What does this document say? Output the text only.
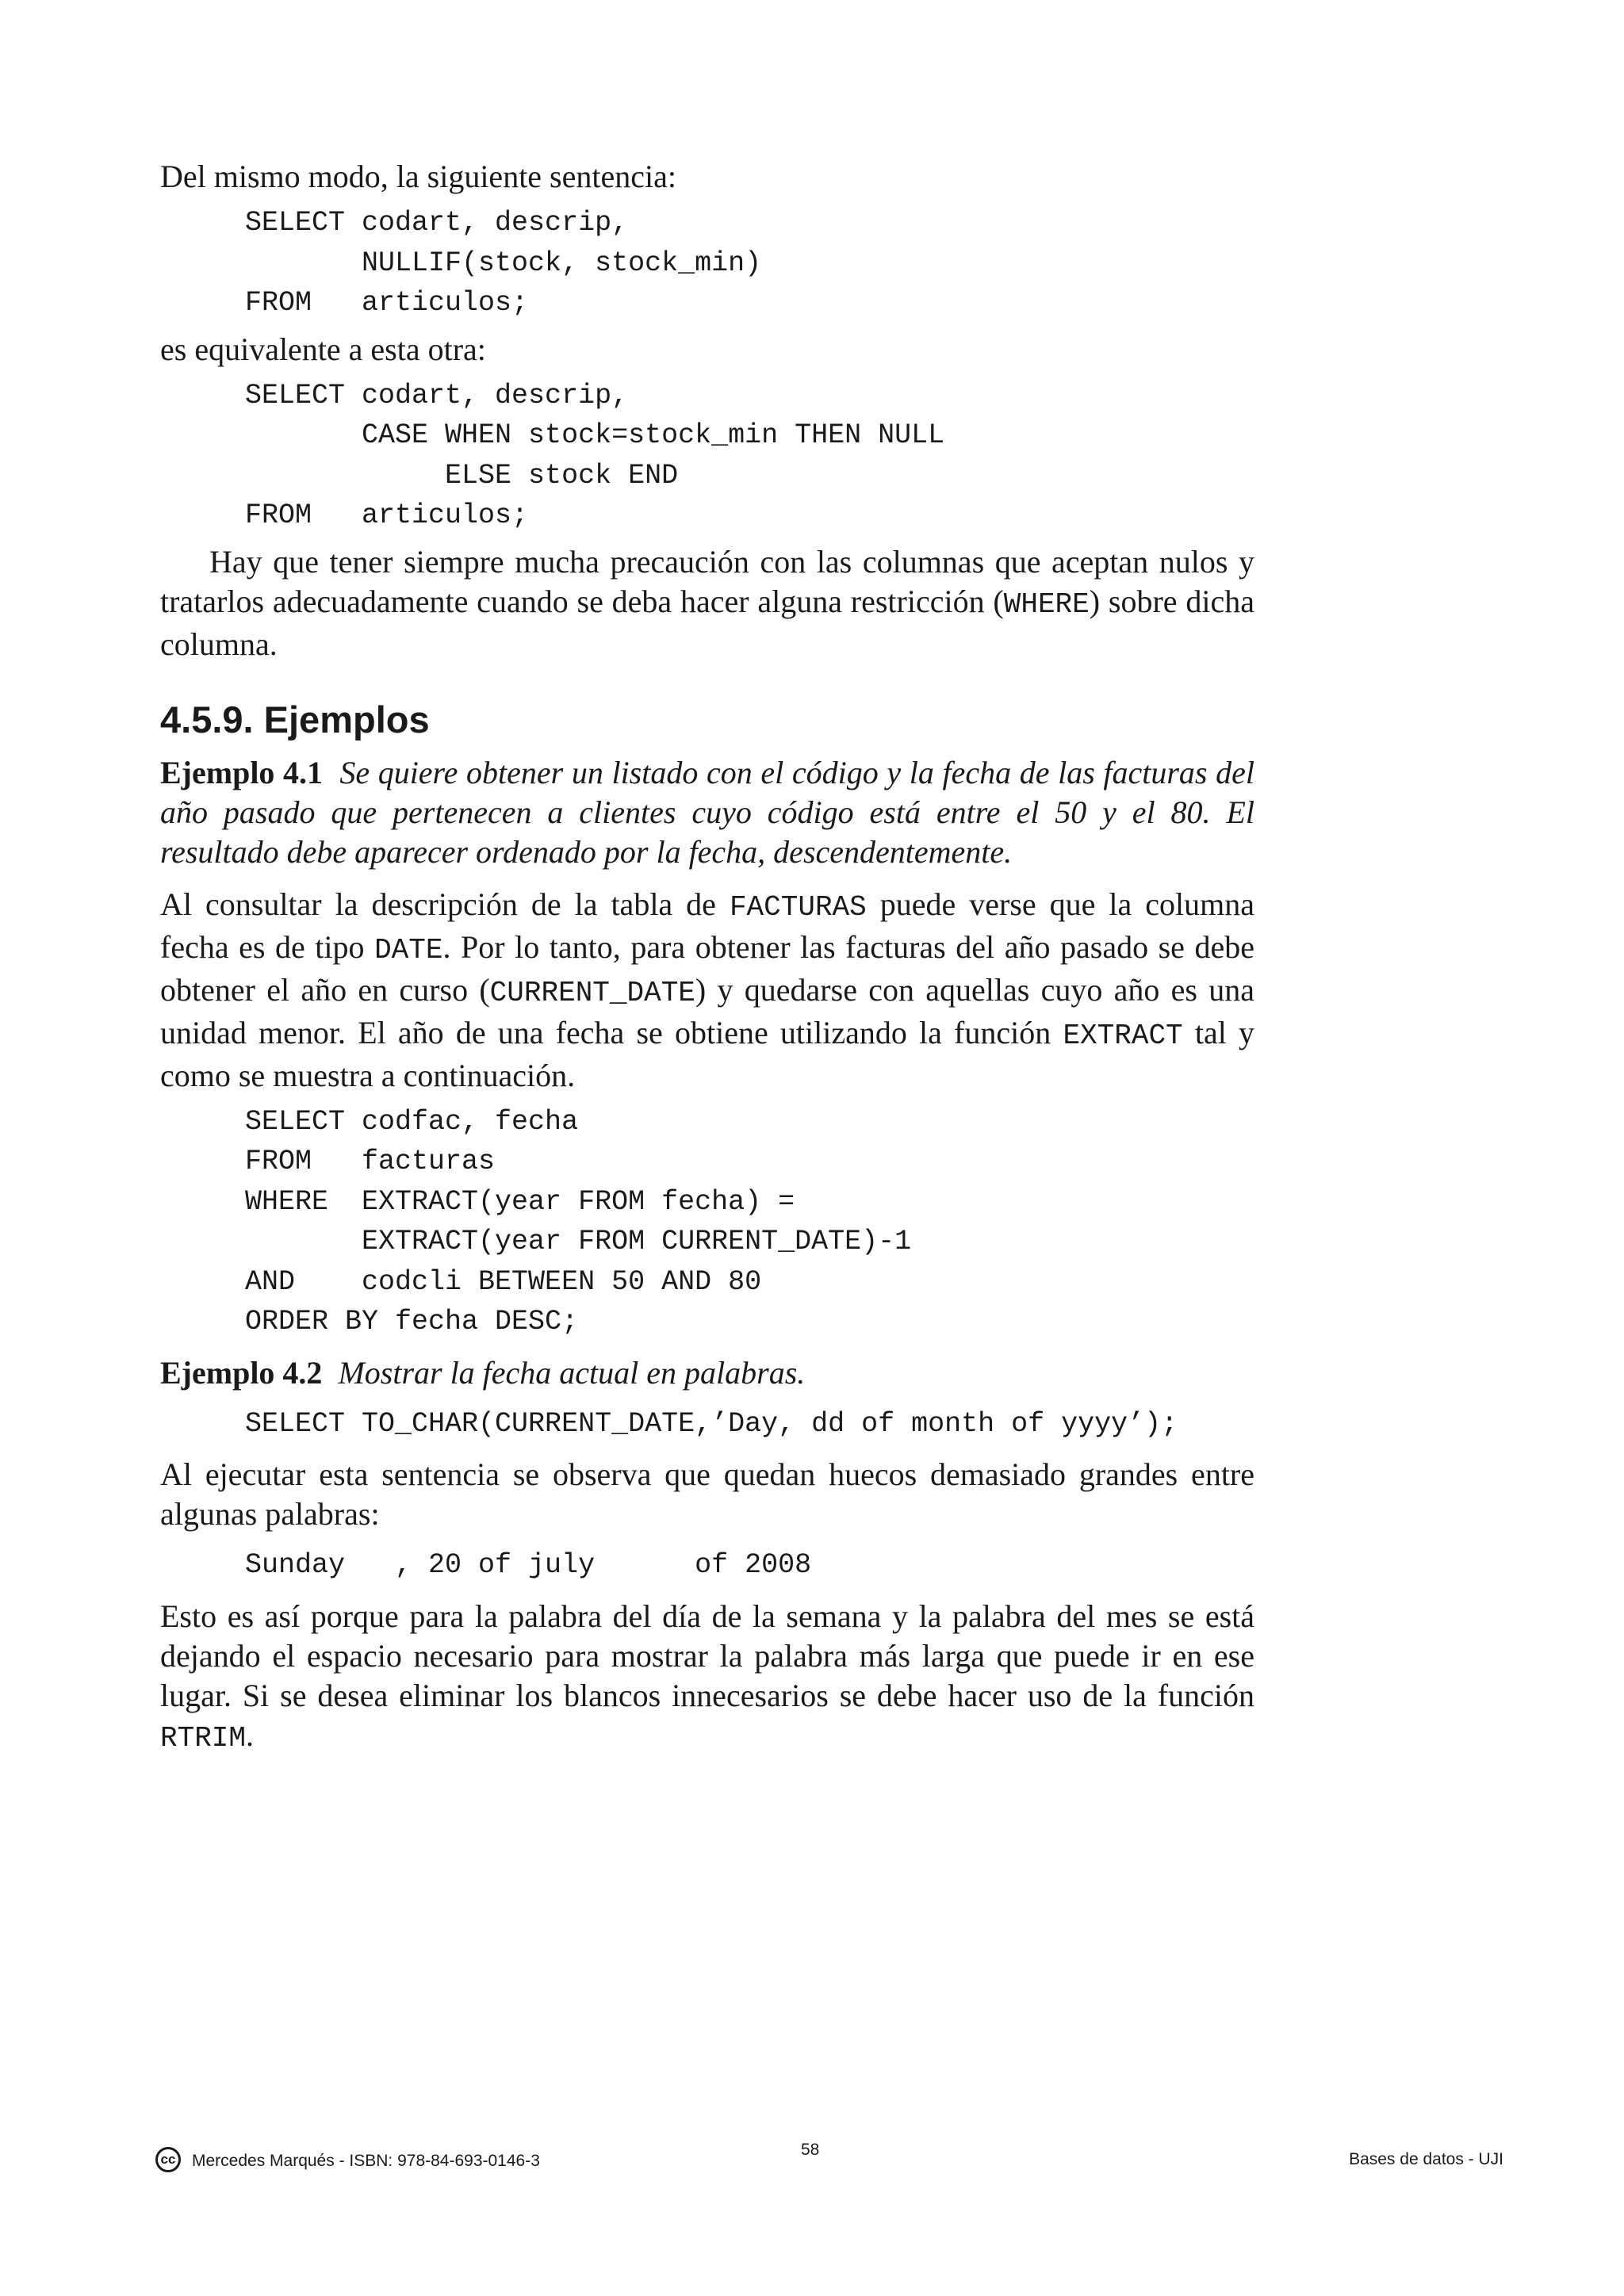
Del mismo modo, la siguiente sentencia:

SELECT codart, descrip,
NULLIF(stock, stock_min)
FROM   articulos;

es equivalente a esta otra:

SELECT codart, descrip,
CASE WHEN stock=stock_min THEN NULL
ELSE stock END
FROM   articulos;

Hay que tener siempre mucha precaución con las columnas que aceptan nulos y tratarlos adecuadamente cuando se deba hacer alguna restricción (WHERE) sobre dicha columna.

4.5.9. Ejemplos

Ejemplo 4.1 Se quiere obtener un listado con el código y la fecha de las facturas del año pasado que pertenecen a clientes cuyo código está entre el 50 y el 80. El resultado debe aparecer ordenado por la fecha, descendentemente.

Al consultar la descripción de la tabla de FACTURAS puede verse que la columna fecha es de tipo DATE. Por lo tanto, para obtener las facturas del año pasado se debe obtener el año en curso (CURRENT_DATE) y quedarse con aquellas cuyo año es una unidad menor. El año de una fecha se obtiene utilizando la función EXTRACT tal y como se muestra a continuación.

SELECT codfac, fecha
FROM   facturas
WHERE  EXTRACT(year FROM fecha) =
EXTRACT(year FROM CURRENT_DATE)-1
AND    codcli BETWEEN 50 AND 80
ORDER BY fecha DESC;

Ejemplo 4.2 Mostrar la fecha actual en palabras.

SELECT TO_CHAR(CURRENT_DATE,’Day, dd of month of yyyy’);

Al ejecutar esta sentencia se observa que quedan huecos demasiado grandes entre algunas palabras:

Sunday   , 20 of july      of 2008

Esto es así porque para la palabra del día de la semana y la palabra del mes se está dejando el espacio necesario para mostrar la palabra más larga que puede ir en ese lugar. Si se desea eliminar los blancos innecesarios se debe hacer uso de la función RTRIM.

cc Mercedes Marqués - ISBN: 978-84-693-0146-3
58
Bases de datos - UJI
